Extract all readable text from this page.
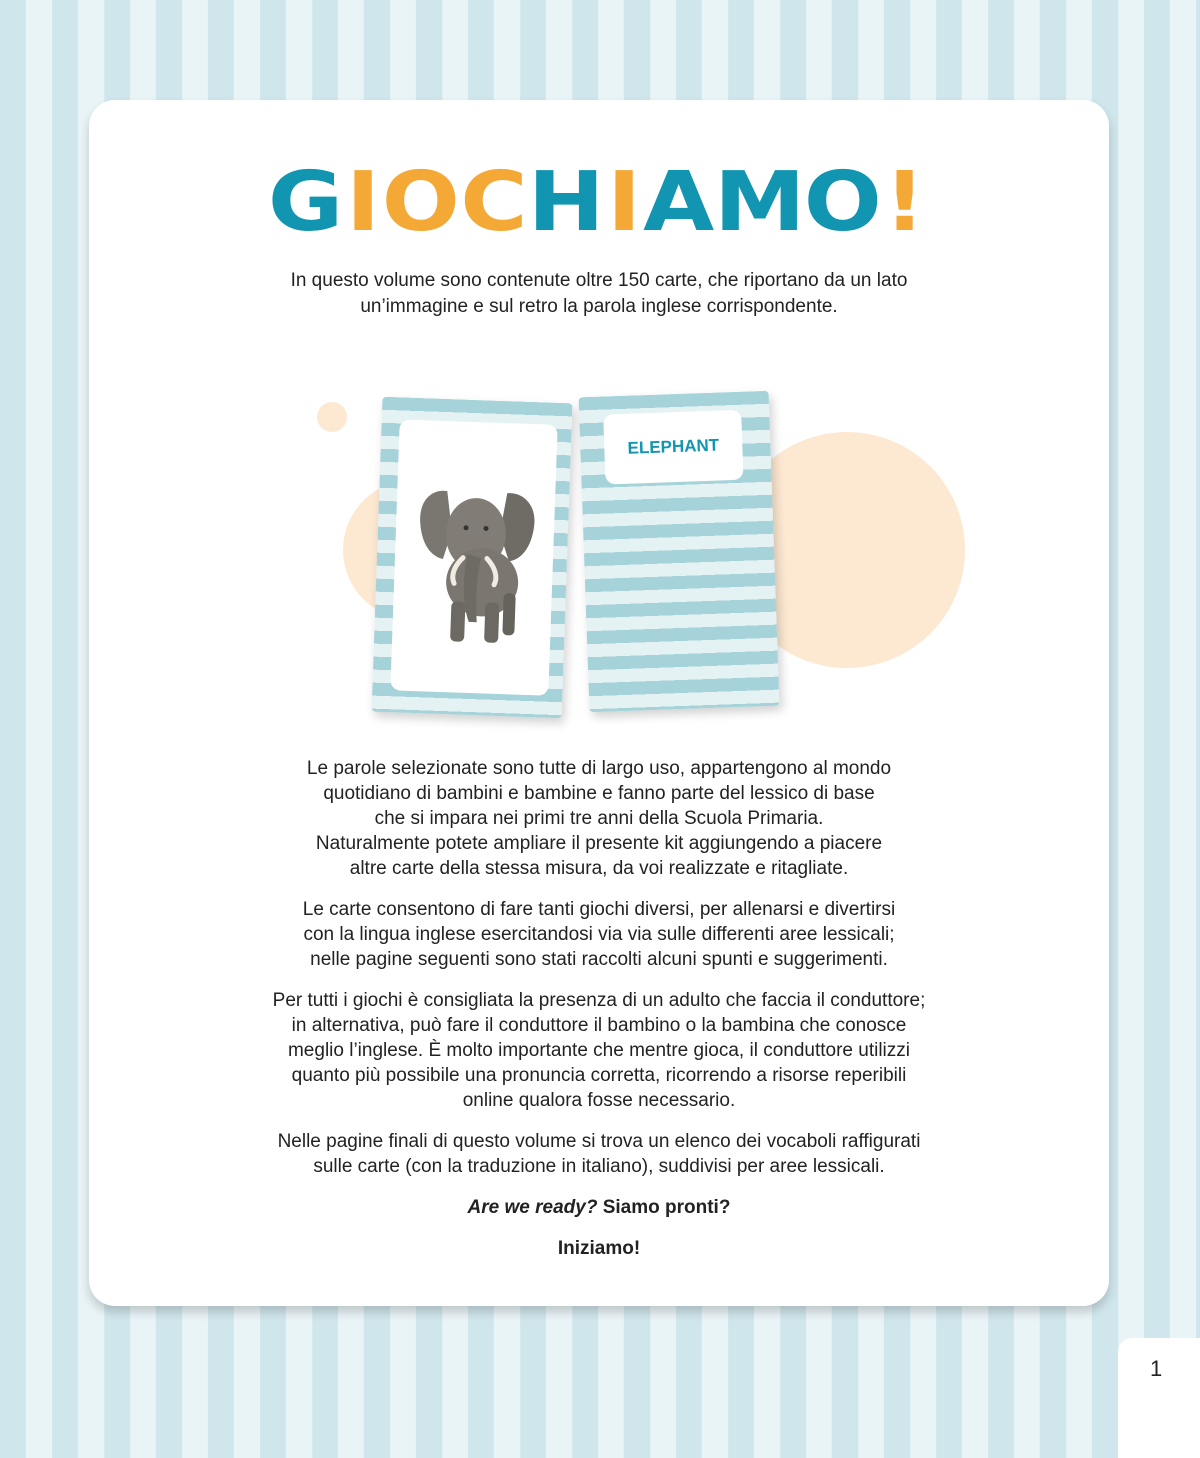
GIOCHIAMO!

In questo volume sono contenute oltre 150 carte, che riportano da un lato

un’immagine e sul retro la parola inglese corrispondente.

ELEPHANT

Le parole selezionate sono tutte di largo uso, appartengono al mondo
quotidiano di bambini e bambine e fanno parte del lessico di base
che si impara nei primi tre anni della Scuola Primaria.
Naturalmente potete ampliare il presente kit aggiungendo a piacere
altre carte della stessa misura, da voi realizzate e ritagliate.

Le carte consentono di fare tanti giochi diversi, per allenarsi e divertirsi
con la lingua inglese esercitandosi via via sulle differenti aree lessicali;
nelle pagine seguenti sono stati raccolti alcuni spunti e suggerimenti.

Per tutti i giochi è consigliata la presenza di un adulto che faccia il conduttore;
in alternativa, può fare il conduttore il bambino o la bambina che conosce
meglio l’inglese. È molto importante che mentre gioca, il conduttore utilizzi
quanto più possibile una pronuncia corretta, ricorrendo a risorse reperibili
online qualora fosse necessario.

Nelle pagine finali di questo volume si trova un elenco dei vocaboli raffigurati
sulle carte (con la traduzione in italiano), suddivisi per aree lessicali.

Are we ready? Siamo pronti?

Iniziamo!

1
